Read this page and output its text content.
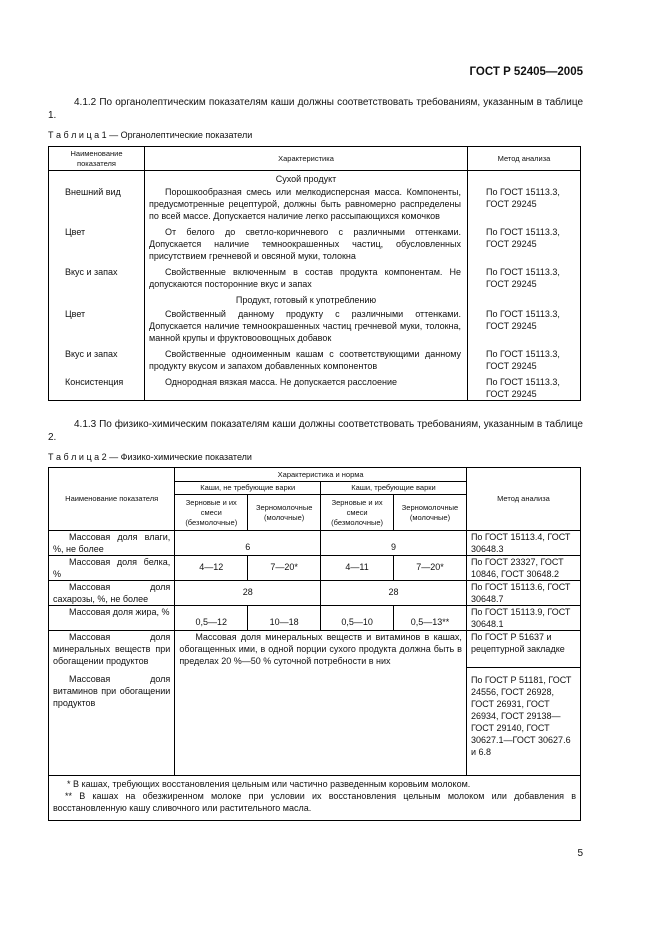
ГОСТ Р 52405—2005
4.1.2 По органолептическим показателям каши должны соответствовать требованиям, указанным в таблице 1.
Т а б л и ц а 1 — Органолептические показатели
Наименование показателя	Характеристика	Метод анализа
	Сухой продукт	
Внешний вид	Порошкообразная смесь или мелкодисперсная масса. Компоненты, предусмотренные рецептурой, должны быть равномерно распределены по всей массе. Допускается наличие легко рассыпающихся комочков	По ГОСТ 15113.3, ГОСТ 29245
Цвет	От белого до светло-коричневого с различными оттенками. Допускается наличие темноокрашенных частиц, обусловленных присутствием гречневой и овсяной муки, толокна	По ГОСТ 15113.3, ГОСТ 29245
Вкус и запах	Свойственные включенным в состав продукта компонентам. Не допускаются посторонние вкус и запах	По ГОСТ 15113.3, ГОСТ 29245
	Продукт, готовый к употреблению	
Цвет	Свойственный данному продукту с различными оттенками. Допускается наличие темноокрашенных частиц гречневой муки, толокна, манной крупы и фруктовоовощных добавок	По ГОСТ 15113.3, ГОСТ 29245
Вкус и запах	Свойственные одноименным кашам с соответствующими данному продукту вкусом и запахом добавленных компонентов	По ГОСТ 15113.3, ГОСТ 29245
Консистенция	Однородная вязкая масса. Не допускается расслоение	По ГОСТ 15113.3, ГОСТ 29245
4.1.3 По физико-химическим показателям каши должны соответствовать требованиям, указанным в таблице 2.
Т а б л и ц а 2 — Физико-химические показатели
Наименование показателя	Характеристика и норма				Метод анализа
	Каши, не требующие варки		Каши, требующие варки		
	Зерновые и их смеси (безмолочные)	Зерномолочные (молочные)	Зерновые и их смеси (безмолочные)	Зерномолочные (молочные)	
Массовая доля влаги, %, не более	6		9		По ГОСТ 15113.4, ГОСТ 30648.3
Массовая доля белка, %	4—12	7—20*	4—11	7—20*	По ГОСТ 23327, ГОСТ 10846, ГОСТ 30648.2
Массовая доля сахарозы, %, не более	28		28		По ГОСТ 15113.6, ГОСТ 30648.7
Массовая доля жира, %	0,5—12	10—18	0,5—10	0,5—13**	По ГОСТ 15113.9, ГОСТ 30648.1
Массовая доля минеральных веществ при обогащении продуктов	Массовая доля минеральных веществ и витаминов в кашах, обогащенных ими, в одной порции сухого продукта должна быть в пределах 20 %—50 % суточной потребности в них				По ГОСТ Р 51637 и рецептурной закладке
Массовая доля витаминов при обогащении продуктов					По ГОСТ Р 51181, ГОСТ 24556, ГОСТ 26928, ГОСТ 26931, ГОСТ 26934, ГОСТ 29138—ГОСТ 29140, ГОСТ 30627.1—ГОСТ 30627.6 и 6.8

* В кашах, требующих восстановления цельным или частично разведенным коровьим молоком.
** В кашах на обезжиренном молоке при условии их восстановления цельным молоком или добавления в восстановленную кашу сливочного или растительного масла.					
5
